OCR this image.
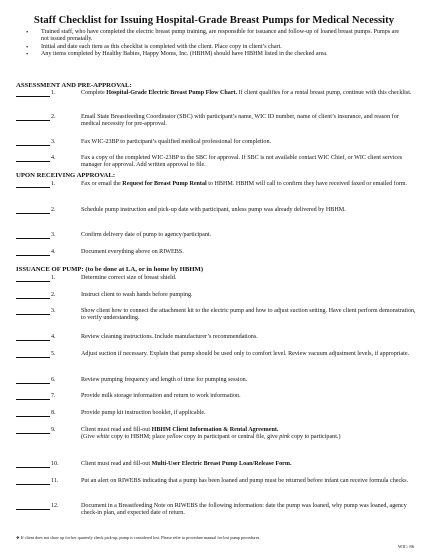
Staff Checklist for Issuing Hospital-Grade Breast Pumps for Medical Necessity
• Trained staff, who have completed the electric breast pump training, are responsible for issuance and follow-up of loaned breast pumps. Pumps are not issued prenatally.
• Initial and date each item as this checklist is completed with the client. Place copy in client’s chart.
• Any items completed by Healthy Babies, Happy Moms, Inc. (HBHM) should have HBHM listed in the checked area.
ASSESSMENT AND PRE-APPROVAL:
1.	Complete Hospital-Grade Electric Breast Pump Flow Chart. If client qualifies for a rental breast pump, continue with this checklist.
2.	Email State Breastfeeding Coordinator (SBC) with participant’s name, WIC ID number, name of client’s insurance, and reason for medical necessity for pre-approval.
3.	Fax WIC-23BP to participant’s qualified medical professional for completion.
4.	Fax a copy of the completed WIC-23BP to the SBC for approval. If SBC is not available contact WIC Chief, or WIC client services manager for approval. Add written approval to file.
UPON RECEIVING APPROVAL:
1.	Fax or email the Request for Breast Pump Rental to HBHM. HBHM will call to confirm they have received faxed or emailed form.
2.	Schedule pump instruction and pick-up date with participant, unless pump was already delivered by HBHM.
3.	Confirm delivery date of pump to agency/participant.
4.	Document everything above on RIWEBS.
ISSUANCE OF PUMP: (to be done at LA, or in home by HBHM)
1.	Determine correct size of breast shield.
2.	Instruct client to wash hands before pumping.
3.	Show client how to connect the attachment kit to the electric pump and how to adjust suction setting. Have client perform demonstration, to verify understanding.
4.	Review cleaning instructions. Include manufacturer’s recommendations.
5.	Adjust suction if necessary. Explain that pump should be used only to comfort level. Review vacuum adjustment levels, if appropriate.
6.	Review pumping frequency and length of time for pumping session.
7.	Provide milk storage information and return to work information.
8.	Provide pump kit instruction booklet, if applicable.
9.	Client must read and fill-out HBHM Client Information & Rental Agreement.
(Give white copy to HBHM; place yellow copy in participant or central file, give pink copy to participant.)
10.	Client must read and fill-out Multi-User Electric Breast Pump Loan/Release Form.
11.	Put an alert on RIWEBS indicating that a pump has been loaned and pump must be returned before infant can receive formula checks.
12.	Document in a Breastfeeding Note on RIWEBS the following information: date the pump was loaned, why pump was loaned, agency check-in plan, and expected date of return.
❖ If client does not show up for her quarterly check pick-up, pump is considered lost. Please refer to procedure manual for lost pump procedures.
WIC: 86
